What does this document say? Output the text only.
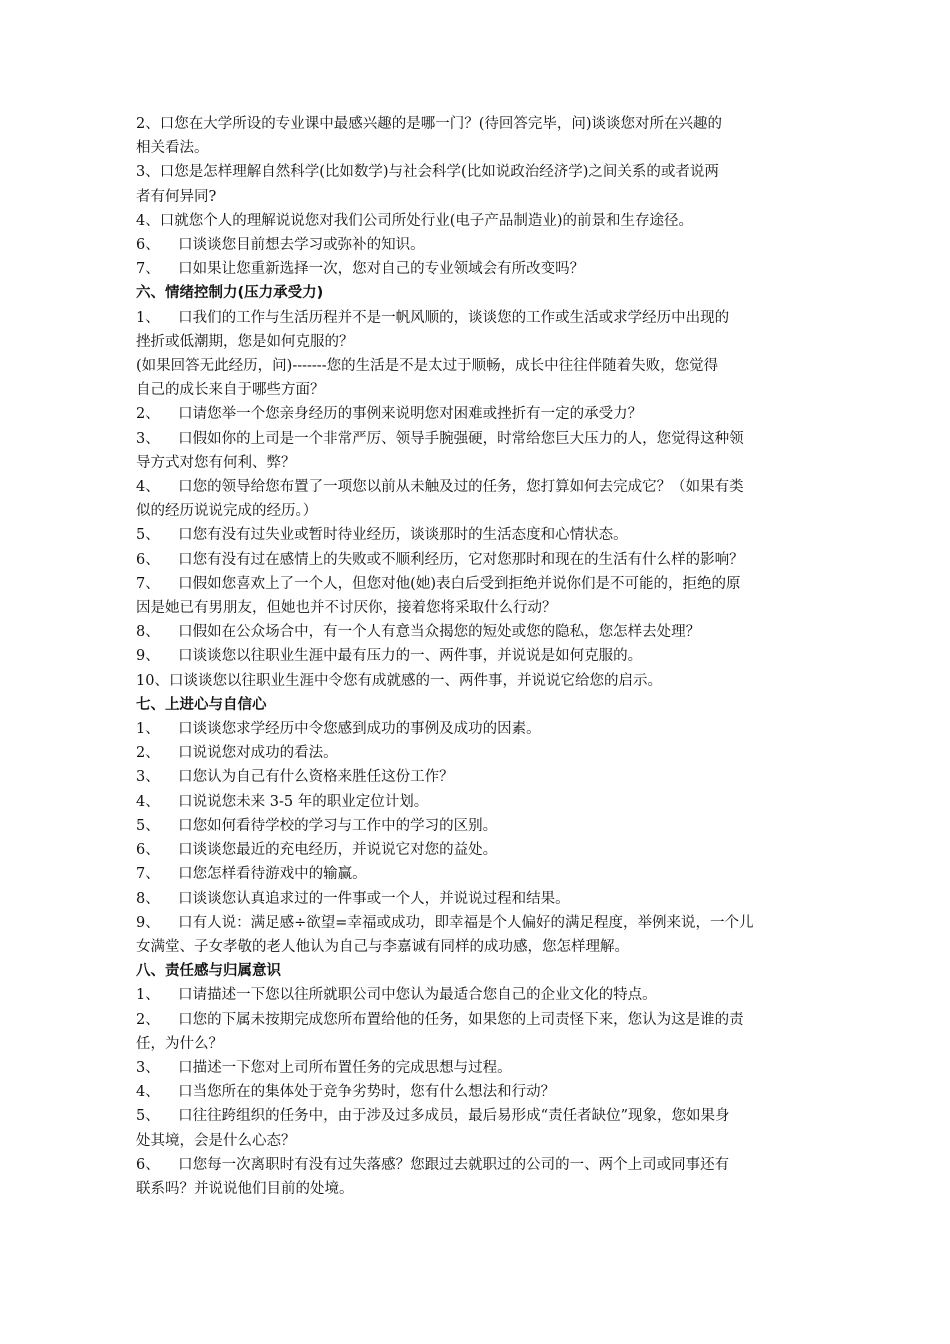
2、口您在大学所设的专业课中最感兴趣的是哪一门？(待回答完毕，问)谈谈您对所在兴趣的
相关看法。
3、口您是怎样理解自然科学(比如数学)与社会科学(比如说政治经济学)之间关系的或者说两
者有何异同?
4、口就您个人的理解说说您对我们公司所处行业(电子产品制造业)的前景和生存途径。
6、    口谈谈您目前想去学习或弥补的知识。
7、    口如果让您重新选择一次，您对自己的专业领域会有所改变吗？
六、情绪控制力(压力承受力)
1、    口我们的工作与生活历程并不是一帆风顺的，谈谈您的工作或生活或求学经历中出现的
挫折或低潮期，您是如何克服的？
(如果回答无此经历，问)-------您的生活是不是太过于顺畅，成长中往往伴随着失败，您觉得
自己的成长来自于哪些方面？
2、    口请您举一个您亲身经历的事例来说明您对困难或挫折有一定的承受力？
3、    口假如你的上司是一个非常严厉、领导手腕强硬，时常给您巨大压力的人，您觉得这种领
导方式对您有何利、弊？
4、    口您的领导给您布置了一项您以前从未触及过的任务，您打算如何去完成它？（如果有类
似的经历说说完成的经历。）
5、    口您有没有过失业或暂时待业经历，谈谈那时的生活态度和心情状态。
6、    口您有没有过在感情上的失败或不顺利经历，它对您那时和现在的生活有什么样的影响？
7、    口假如您喜欢上了一个人，但您对他(她)表白后受到拒绝并说你们是不可能的，拒绝的原
因是她已有男朋友，但她也并不讨厌你，接着您将采取什么行动？
8、    口假如在公众场合中，有一个人有意当众揭您的短处或您的隐私，您怎样去处理？
9、    口谈谈您以往职业生涯中最有压力的一、两件事，并说说是如何克服的。
10、口谈谈您以往职业生涯中令您有成就感的一、两件事，并说说它给您的启示。
七、上进心与自信心
1、    口谈谈您求学经历中令您感到成功的事例及成功的因素。
2、    口说说您对成功的看法。
3、    口您认为自己有什么资格来胜任这份工作？
4、    口说说您未来 3-5 年的职业定位计划。
5、    口您如何看待学校的学习与工作中的学习的区别。
6、    口谈谈您最近的充电经历，并说说它对您的益处。
7、    口您怎样看待游戏中的输赢。
8、    口谈谈您认真追求过的一件事或一个人，并说说过程和结果。
9、    口有人说：满足感÷欲望=幸福或成功，即幸福是个人偏好的满足程度，举例来说，一个儿
女满堂、子女孝敬的老人他认为自己与李嘉诚有同样的成功感，您怎样理解。
八、责任感与归属意识
1、    口请描述一下您以往所就职公司中您认为最适合您自己的企业文化的特点。
2、    口您的下属未按期完成您所布置给他的任务，如果您的上司责怪下来，您认为这是谁的责
任，为什么？
3、    口描述一下您对上司所布置任务的完成思想与过程。
4、    口当您所在的集体处于竞争劣势时，您有什么想法和行动？
5、    口往往跨组织的任务中，由于涉及过多成员，最后易形成“责任者缺位”现象，您如果身
处其境，会是什么心态？
6、    口您每一次离职时有没有过失落感？您跟过去就职过的公司的一、两个上司或同事还有
联系吗？并说说他们目前的处境。
